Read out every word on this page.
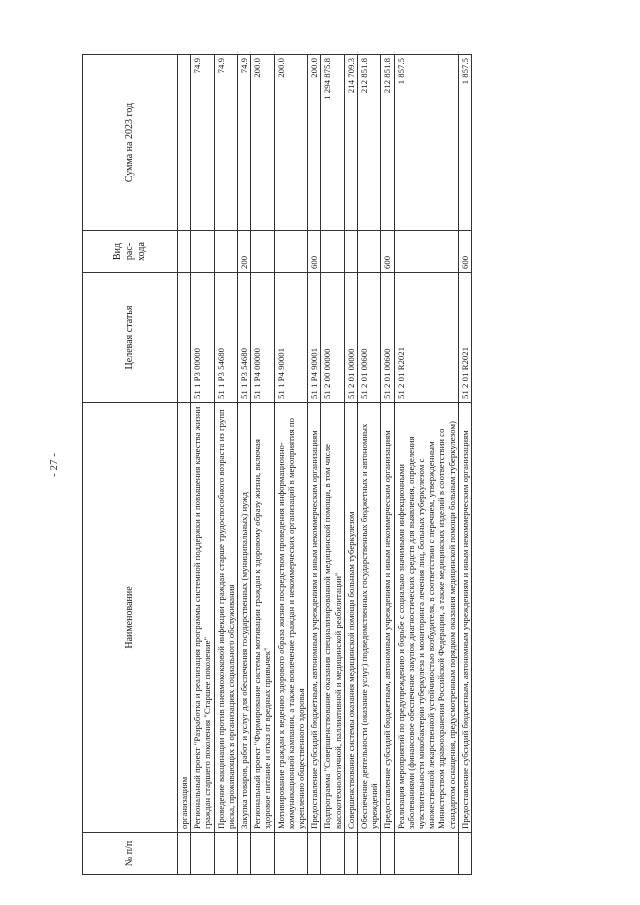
- 27 -
№ п/п	Наименование	Целевая статья	Вид рас-хода	Сумма на 2023 год
	организациям			
	Региональный проект "Разработка и реализация программы системной поддержки и повышения качества жизни граждан старшего поколения "Старшее поколение"	51 1 P3 00000		74.9
	Проведение вакцинации против пневмококковой инфекции граждан старше трудоспособного возраста из групп риска, проживающих в организациях социального обслуживания	51 1 P3 54680		74.9
	Закупка товаров, работ и услуг для обеспечения государственных (муниципальных) нужд	51 1 P3 54680	200	74.9
	Региональный проект "Формирование системы мотивации граждан к здоровому образу жизни, включая здоровое питание и отказ от вредных привычек"	51 1 P4 00000		200.0
	Мотивирование граждан к ведению здорового образа жизни посредством проведения информационно-коммуникационной кампании, а также вовлечение граждан и некоммерческих организаций в мероприятия по укреплению общественного здоровья	51 1 P4 90001		200.0
	Предоставление субсидий бюджетным, автономным учреждениям и иным некоммерческим организациям	51 1 P4 90001	600	200.0
	Подпрограмма "Совершенствование оказания специализированной медицинской помощи, в том числе высокотехнологичной, паллиативной и медицинской реабилитации"	51 2 00 00000		1 294 875.8
	Совершенствование системы оказания медицинской помощи больным туберкулезом	51 2 01 00000		214 709.3
	Обеспечение деятельности (оказание услуг) подведомственных государственных бюджетных и автономных учреждений	51 2 01 00600		212 851.8
	Предоставление субсидий бюджетным, автономным учреждениям и иным некоммерческим организациям	51 2 01 00600	600	212 851.8
	Реализация мероприятий по предупреждению и борьбе с социально значимыми инфекционными заболеваниями (финансовое обеспечение закупок диагностических средств для выявления, определения чувствительности микобактерии туберкулеза и мониторинга лечения лиц, больных туберкулезом с множественной лекарственной устойчивостью возбудителя, в соответствии с перечнем, утвержденным Министерством здравоохранения Российской Федерации, а также медицинских изделий в соответствии со стандартом оснащения, предусмотренным порядком оказания медицинской помощи больным туберкулезом)	51 2 01 R2021		1 857.5
	Предоставление субсидий бюджетным, автономным учреждениям и иным некоммерческим организациям	51 2 01 R2021	600	1 857.5
